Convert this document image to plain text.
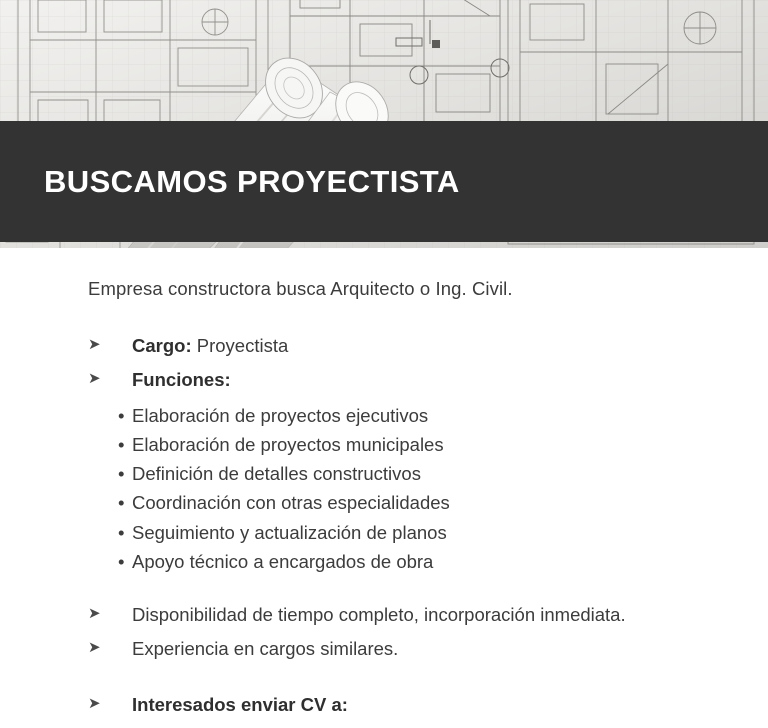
BUSCAMOS PROYECTISTA
Empresa constructora busca Arquitecto o Ing. Civil.
➤	Cargo: Proyectista
➤	Funciones:
• Elaboración de proyectos ejecutivos
• Elaboración de proyectos municipales
• Definición de detalles constructivos
• Coordinación con otras especialidades
• Seguimiento y actualización de planos
• Apoyo técnico a encargados de obra
➤	Disponibilidad de tiempo completo, incorporación inmediata.
➤	Experiencia en cargos similares.
➤	Interesados enviar CV a:
